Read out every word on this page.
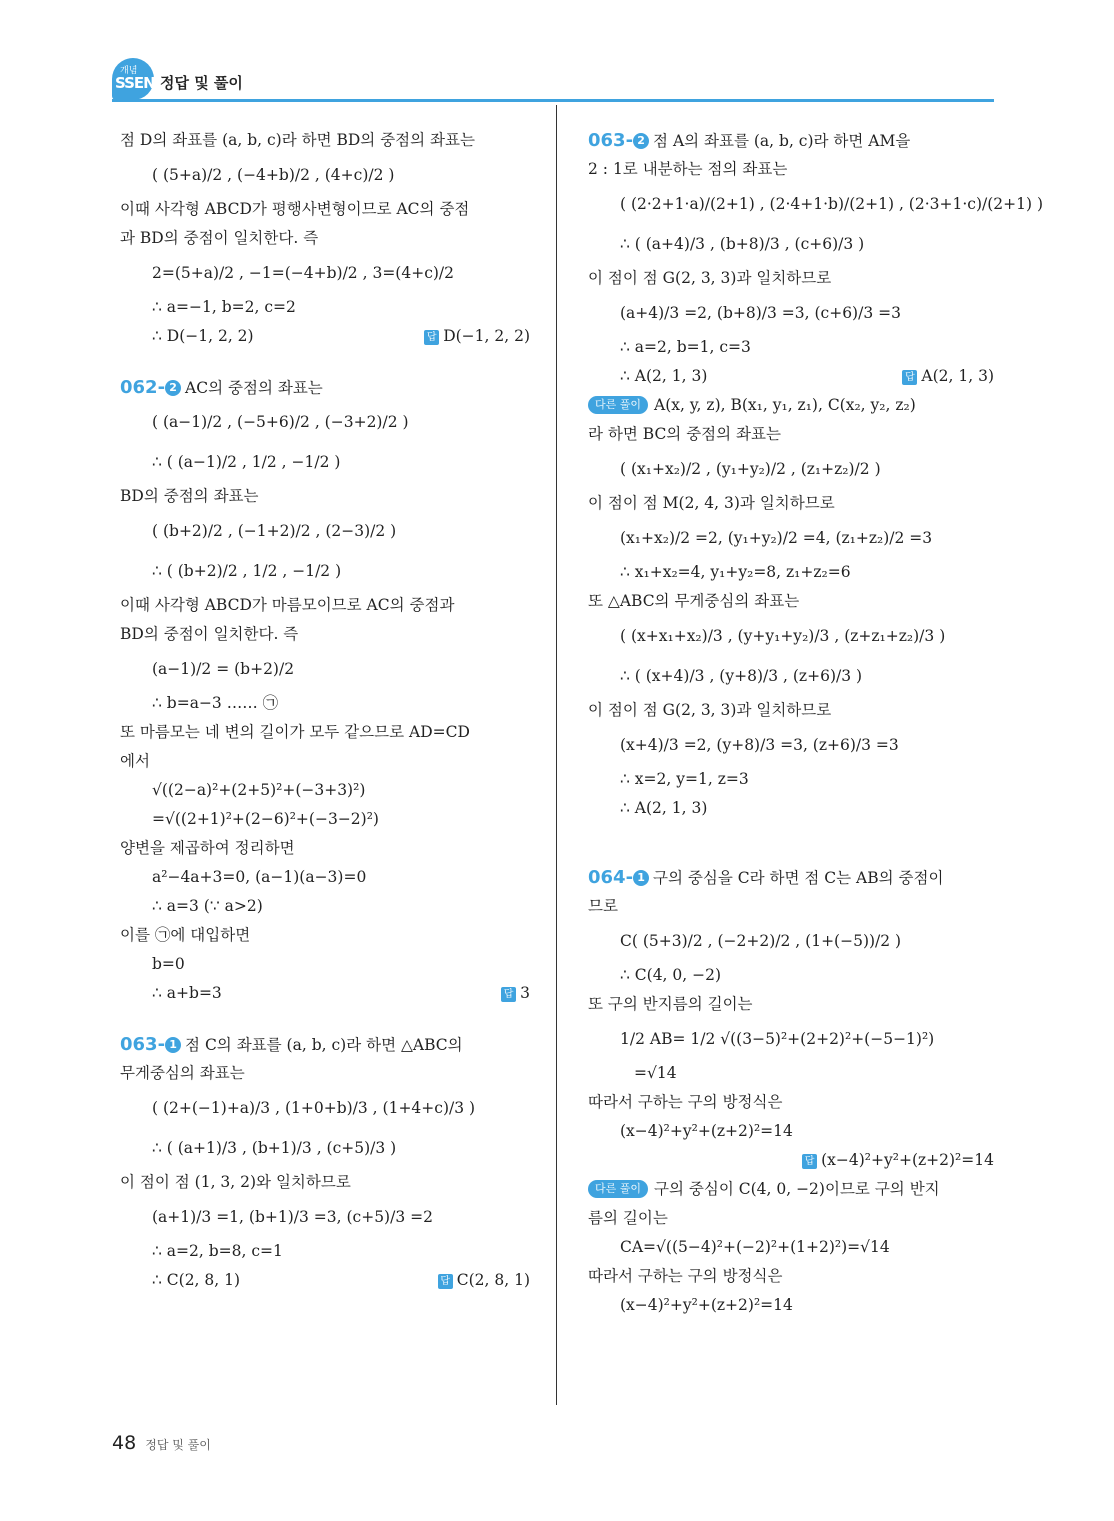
개념
SSEN 정답 및 풀이
점 D의 좌표를 (a, b, c)라 하면 BD의 중점의 좌표는
( (5+a)/2 , (−4+b)/2 , (4+c)/2 )
이때 사각형 ABCD가 평행사변형이므로 AC의 중점
과 BD의 중점이 일치한다. 즉
2=(5+a)/2 , −1=(−4+b)/2 , 3=(4+c)/2
∴ a=−1, b=2, c=2
∴ D(−1, 2, 2)	답 D(−1, 2, 2)
062- 2 AC의 중점의 좌표는
( (a−1)/2 , (−5+6)/2 , (−3+2)/2 )
∴ ( (a−1)/2 , 1/2 , −1/2 )
BD의 중점의 좌표는
( (b+2)/2 , (−1+2)/2 , (2−3)/2 )
∴ ( (b+2)/2 , 1/2 , −1/2 )
이때 사각형 ABCD가 마름모이므로 AC의 중점과
BD의 중점이 일치한다. 즉
(a−1)/2 = (b+2)/2
∴ b=a−3 …… ㉠
또 마름모는 네 변의 길이가 모두 같으므로 AD=CD
에서
√((2−a)²+(2+5)²+(−3+3)²)
=√((2+1)²+(2−6)²+(−3−2)²)
양변을 제곱하여 정리하면
a²−4a+3=0, (a−1)(a−3)=0
∴ a=3 (∵ a>2)
이를 ㉠에 대입하면
b=0
∴ a+b=3	답 3
063- 1 점 C의 좌표를 (a, b, c)라 하면 △ABC의
무게중심의 좌표는
( (2+(−1)+a)/3 , (1+0+b)/3 , (1+4+c)/3 )
∴ ( (a+1)/3 , (b+1)/3 , (c+5)/3 )
이 점이 점 (1, 3, 2)와 일치하므로
(a+1)/3 =1, (b+1)/3 =3, (c+5)/3 =2
∴ a=2, b=8, c=1
∴ C(2, 8, 1)	답 C(2, 8, 1)
063- 2 점 A의 좌표를 (a, b, c)라 하면 AM을
2 : 1로 내분하는 점의 좌표는
( (2·2+1·a)/(2+1) , (2·4+1·b)/(2+1) , (2·3+1·c)/(2+1) )
∴ ( (a+4)/3 , (b+8)/3 , (c+6)/3 )
이 점이 점 G(2, 3, 3)과 일치하므로
(a+4)/3 =2, (b+8)/3 =3, (c+6)/3 =3
∴ a=2, b=1, c=3
∴ A(2, 1, 3)	답 A(2, 1, 3)
다른 풀이 A(x, y, z), B(x₁, y₁, z₁), C(x₂, y₂, z₂)
라 하면 BC의 중점의 좌표는
( (x₁+x₂)/2 , (y₁+y₂)/2 , (z₁+z₂)/2 )
이 점이 점 M(2, 4, 3)과 일치하므로
(x₁+x₂)/2 =2, (y₁+y₂)/2 =4, (z₁+z₂)/2 =3
∴ x₁+x₂=4, y₁+y₂=8, z₁+z₂=6
또 △ABC의 무게중심의 좌표는
( (x+x₁+x₂)/3 , (y+y₁+y₂)/3 , (z+z₁+z₂)/3 )
∴ ( (x+4)/3 , (y+8)/3 , (z+6)/3 )
이 점이 점 G(2, 3, 3)과 일치하므로
(x+4)/3 =2, (y+8)/3 =3, (z+6)/3 =3
∴ x=2, y=1, z=3
∴ A(2, 1, 3)
064- 1 구의 중심을 C라 하면 점 C는 AB의 중점이
므로
C( (5+3)/2 , (−2+2)/2 , (1+(−5))/2 )
∴ C(4, 0, −2)
또 구의 반지름의 길이는
1/2 AB= 1/2 √((3−5)²+(2+2)²+(−5−1)²)
=√14
따라서 구하는 구의 방정식은
(x−4)²+y²+(z+2)²=14
답 (x−4)²+y²+(z+2)²=14
다른 풀이 구의 중심이 C(4, 0, −2)이므로 구의 반지
름의 길이는
CA=√((5−4)²+(−2)²+(1+2)²)=√14
따라서 구하는 구의 방정식은
(x−4)²+y²+(z+2)²=14
48 정답 및 풀이
